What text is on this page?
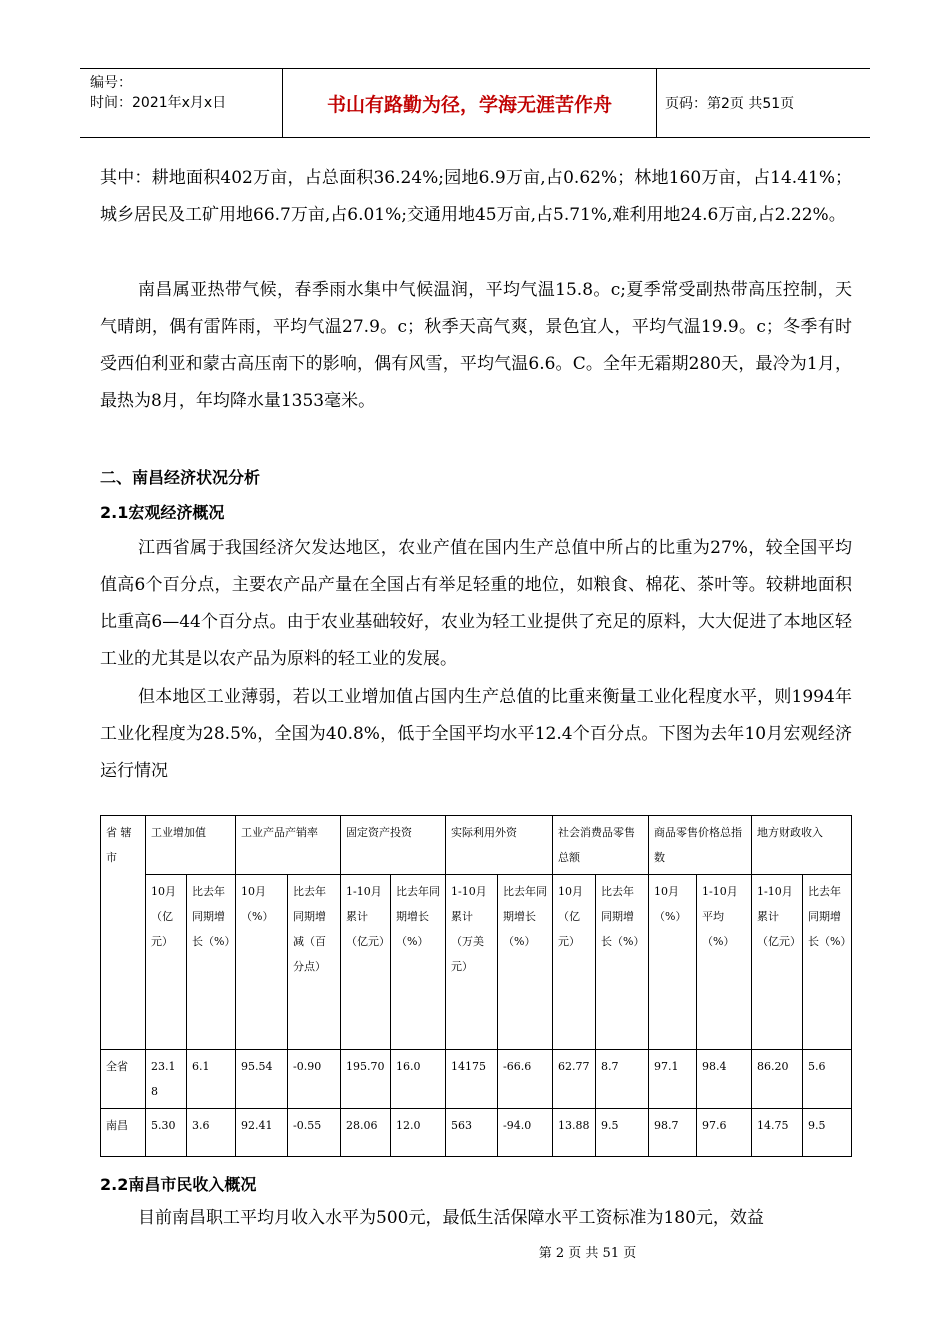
编号：
时间：2021年x月x日	书山有路勤为径，学海无涯苦作舟	页码：第2页 共51页

其中：耕地面积402万亩，占总面积36.24%;园地6.9万亩,占0.62%；林地160万亩，占14.41%；城乡居民及工矿用地66.7万亩,占6.01%;交通用地45万亩,占5.71%,难利用地24.6万亩,占2.22%。

南昌属亚热带气候，春季雨水集中气候温润，平均气温15.8。c;夏季常受副热带高压控制，天气晴朗，偶有雷阵雨，平均气温27.9。c；秋季天高气爽，景色宜人，平均气温19.9。c；冬季有时受西伯利亚和蒙古高压南下的影响，偶有风雪，平均气温6.6。C。全年无霜期280天，最冷为1月，最热为8月，年均降水量1353毫米。

二、南昌经济状况分析
2.1宏观经济概况

江西省属于我国经济欠发达地区，农业产值在国内生产总值中所占的比重为27%，较全国平均值高6个百分点，主要农产品产量在全国占有举足轻重的地位，如粮食、棉花、茶叶等。较耕地面积比重高6—44个百分点。由于农业基础较好，农业为轻工业提供了充足的原料，大大促进了本地区轻工业的尤其是以农产品为原料的轻工业的发展。

但本地区工业薄弱，若以工业增加值占国内生产总值的比重来衡量工业化程度水平，则1994年工业化程度为28.5%，全国为40.8%，低于全国平均水平12.4个百分点。下图为去年10月宏观经济运行情况

省 辖 市	工业增加值		工业产品产销率		固定资产投资		实际利用外资		社会消费品零售总额		商品零售价格总指数		地方财政收入	
	10月（亿元）	比去年同期增长（%）	10月（%）	比去年同期增减（百分点）	1-10月累计（亿元）	比去年同期增长（%）	1-10月累计（万美元）	比去年同期增长（%）	10月（亿元）	比去年同期增长（%）	10月（%）	1-10月平均（%）	1-10月累计（亿元）	比去年同期增长（%）
全省	23.18	6.1	95.54	-0.90	195.70	16.0	14175	-66.6	62.77	8.7	97.1	98.4	86.20	5.6
南昌	5.30	3.6	92.41	-0.55	28.06	12.0	563	-94.0	13.88	9.5	98.7	97.6	14.75	9.5
2.2南昌市民收入概况

目前南昌职工平均月收入水平为500元，最低生活保障水平工资标准为180元，效益

第 2 页 共 51 页
